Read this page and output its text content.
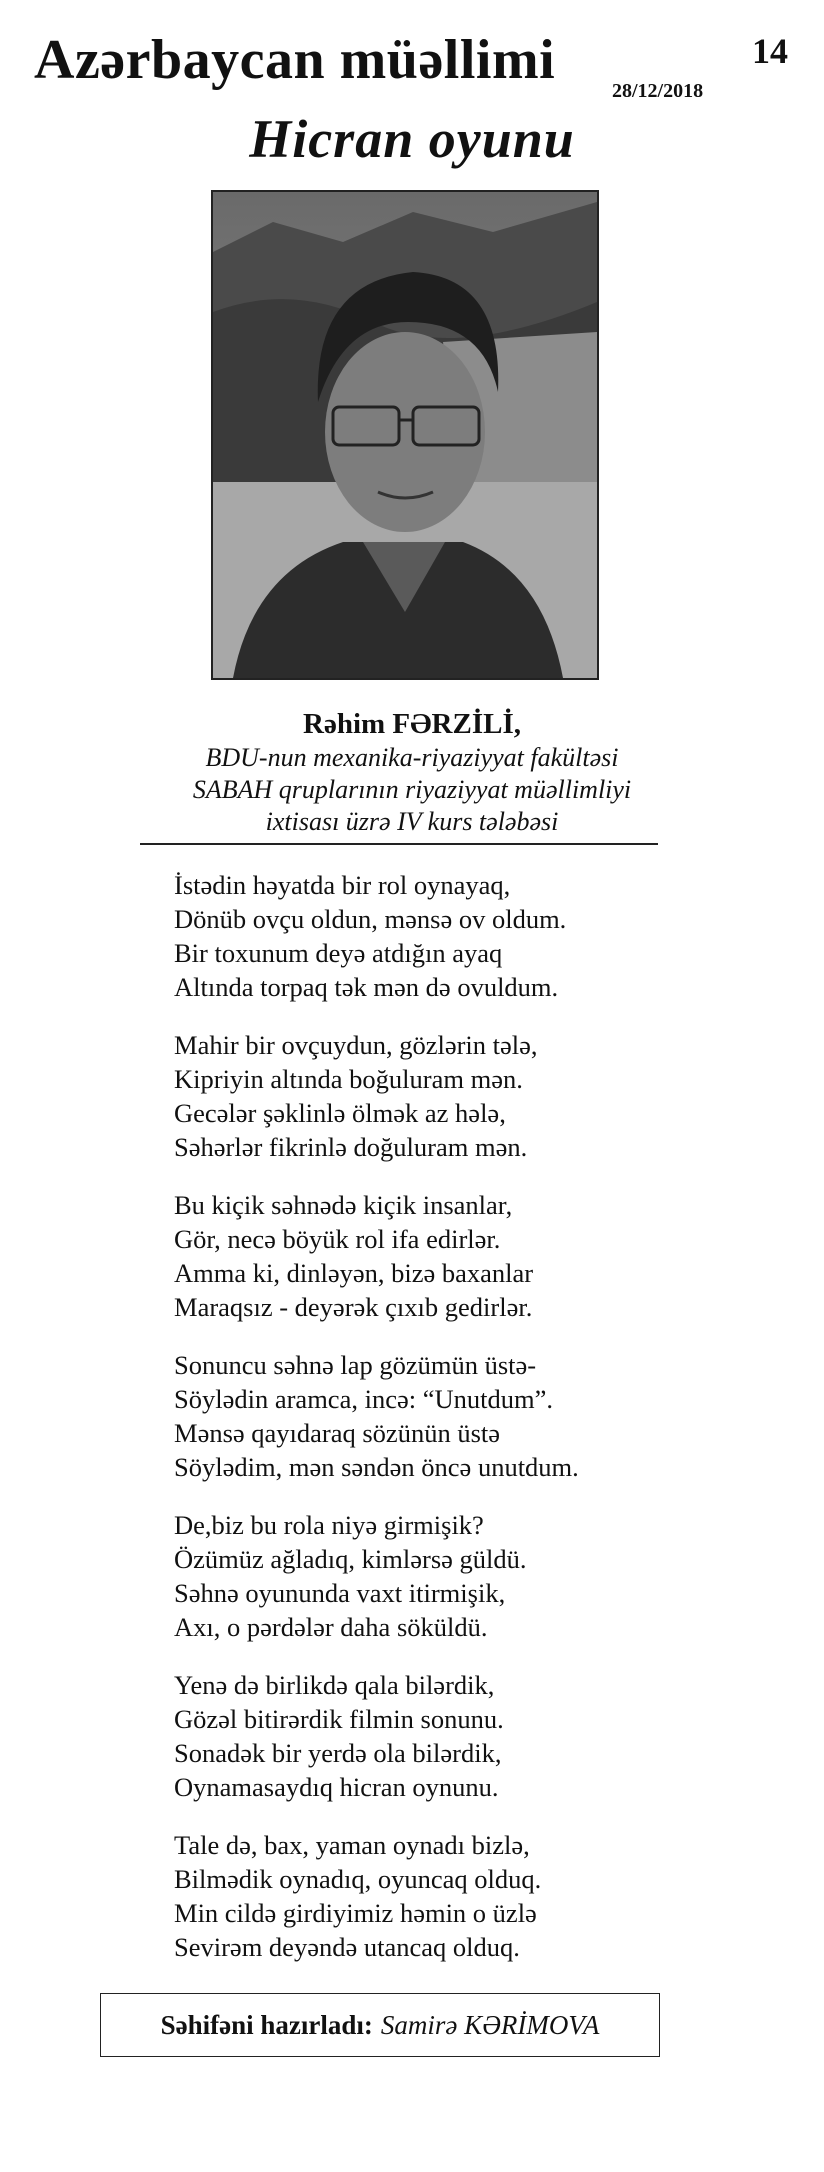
Azərbaycan müəllimi	14
28/12/2018
Hicran oyunu
Rəhim FƏRZİLİ,
BDU-nun mexanika-riyaziyyat fakültəsi
SABAH qruplarının riyaziyyat müəllimliyi
ixtisası üzrə IV kurs tələbəsi
İstədin həyatda bir rol oynayaq,
Dönüb ovçu oldun, mənsə ov oldum.
Bir toxunum deyə atdığın ayaq
Altında torpaq tək mən də ovuldum.
Mahir bir ovçuydun, gözlərin tələ,
Kipriyin altında boğuluram mən.
Gecələr şəklinlə ölmək az hələ,
Səhərlər fikrinlə doğuluram mən.
Bu kiçik səhnədə kiçik insanlar,
Gör, necə böyük rol ifa edirlər.
Amma ki, dinləyən, bizə baxanlar
Maraqsız - deyərək çıxıb gedirlər.
Sonuncu səhnə lap gözümün üstə-
Söylədin aramca, incə: “Unutdum”.
Mənsə qayıdaraq sözünün üstə
Söylədim, mən səndən öncə unutdum.
De,biz bu rola niyə girmişik?
Özümüz ağladıq, kimlərsə güldü.
Səhnə oyununda vaxt itirmişik,
Axı, o pərdələr daha söküldü.
Yenə də birlikdə qala bilərdik,
Gözəl bitirərdik filmin sonunu.
Sonadək bir yerdə ola bilərdik,
Oynamasaydıq hicran oynunu.
Tale də, bax, yaman oynadı bizlə,
Bilmədik oynadıq, oyuncaq olduq.
Min cildə girdiyimiz həmin o üzlə
Sevirəm deyəndə utancaq olduq.
Səhifəni hazırladı: Samirə KƏRİMOVA
